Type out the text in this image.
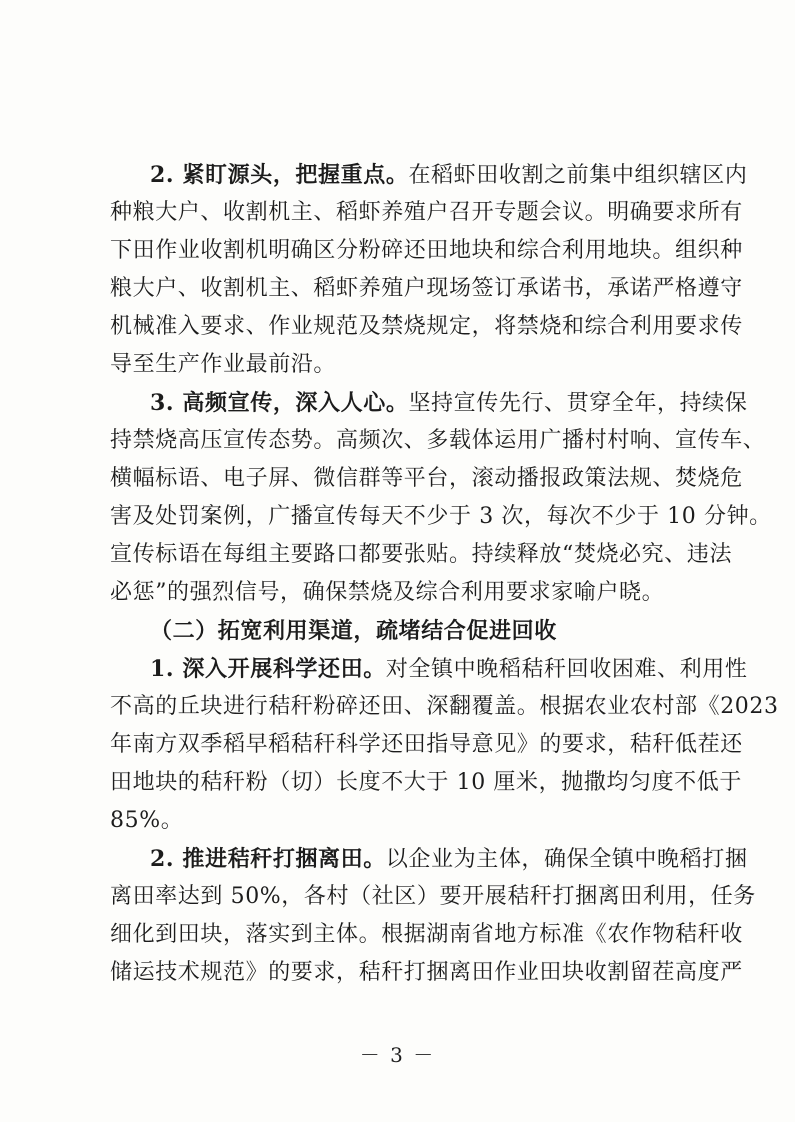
2. 紧盯源头，把握重点。在稻虾田收割之前集中组织辖区内
种粮大户、收割机主、稻虾养殖户召开专题会议。明确要求所有
下田作业收割机明确区分粉碎还田地块和综合利用地块。组织种
粮大户、收割机主、稻虾养殖户现场签订承诺书，承诺严格遵守
机械准入要求、作业规范及禁烧规定，将禁烧和综合利用要求传
导至生产作业最前沿。
3. 高频宣传，深入人心。坚持宣传先行、贯穿全年，持续保
持禁烧高压宣传态势。高频次、多载体运用广播村村响、宣传车、
横幅标语、电子屏、微信群等平台，滚动播报政策法规、焚烧危
害及处罚案例，广播宣传每天不少于 3 次，每次不少于 10 分钟。
宣传标语在每组主要路口都要张贴。持续释放“焚烧必究、违法
必惩”的强烈信号，确保禁烧及综合利用要求家喻户晓。
（二）拓宽利用渠道，疏堵结合促进回收
1. 深入开展科学还田。对全镇中晚稻秸秆回收困难、利用性
不高的丘块进行秸秆粉碎还田、深翻覆盖。根据农业农村部《2023
年南方双季稻早稻秸秆科学还田指导意见》的要求，秸秆低茬还
田地块的秸秆粉（切）长度不大于 10 厘米，抛撒均匀度不低于
85%。
2. 推进秸秆打捆离田。以企业为主体，确保全镇中晚稻打捆
离田率达到 50%，各村（社区）要开展秸秆打捆离田利用，任务
细化到田块，落实到主体。根据湖南省地方标准《农作物秸秆收
储运技术规范》的要求，秸秆打捆离田作业田块收割留茬高度严
－ 3 －
